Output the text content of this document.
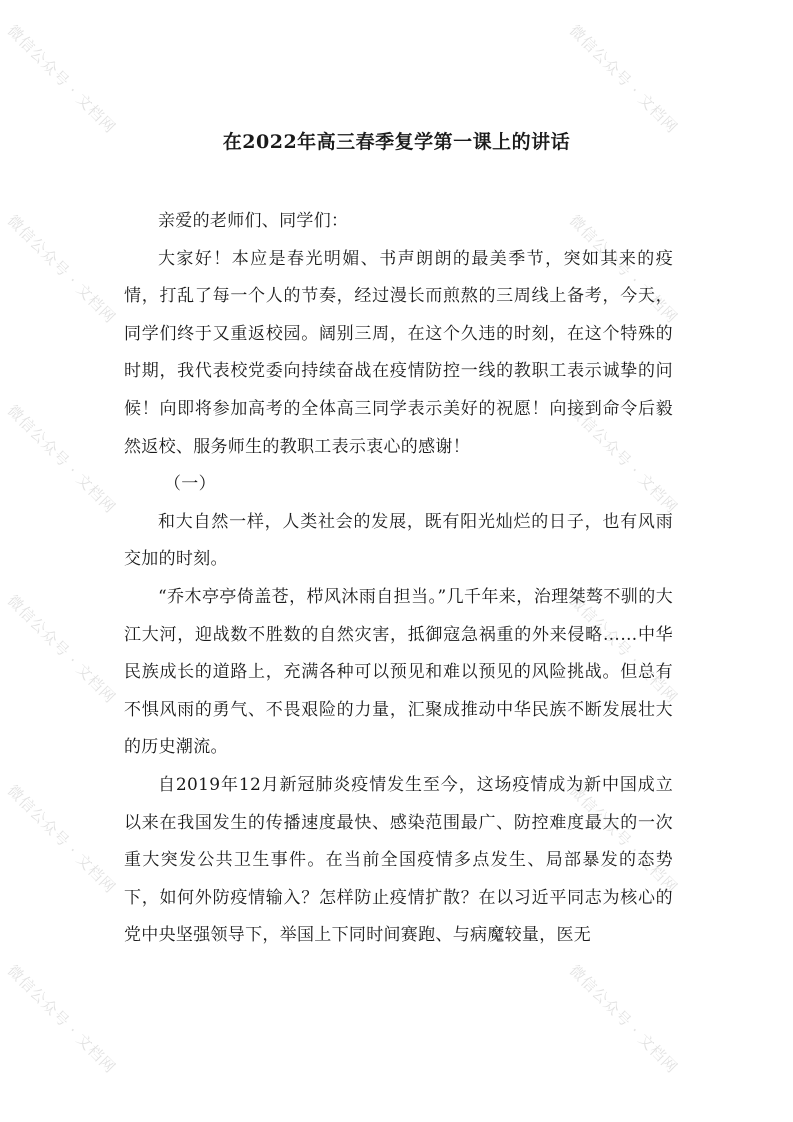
在2022年高三春季复学第一课上的讲话

亲爱的老师们、同学们：

大家好！本应是春光明媚、书声朗朗的最美季节，突如其来的疫情，打乱了每一个人的节奏，经过漫长而煎熬的三周线上备考，今天，同学们终于又重返校园。阔别三周，在这个久违的时刻，在这个特殊的时期，我代表校党委向持续奋战在疫情防控一线的教职工表示诚挚的问候！向即将参加高考的全体高三同学表示美好的祝愿！向接到命令后毅然返校、服务师生的教职工表示衷心的感谢！

（一）

和大自然一样，人类社会的发展，既有阳光灿烂的日子，也有风雨交加的时刻。

“乔木亭亭倚盖苍，栉风沐雨自担当。”几千年来，治理桀骜不驯的大江大河，迎战数不胜数的自然灾害，抵御寇急祸重的外来侵略……中华民族成长的道路上，充满各种可以预见和难以预见的风险挑战。但总有不惧风雨的勇气、不畏艰险的力量，汇聚成推动中华民族不断发展壮大的历史潮流。

自2019年12月新冠肺炎疫情发生至今，这场疫情成为新中国成立以来在我国发生的传播速度最快、感染范围最广、防控难度最大的一次重大突发公共卫生事件。在当前全国疫情多点发生、局部暴发的态势下，如何外防疫情输入？怎样防止疫情扩散？在以习近平同志为核心的党中央坚强领导下，举国上下同时间赛跑、与病魔较量，医无

微信公众号 · 文档网	微信公众号 · 文档网
微信公众号 · 文档网	微信公众号 · 文档网
微信公众号 · 文档网	微信公众号 · 文档网
微信公众号 · 文档网	微信公众号 · 文档网
微信公众号 · 文档网	微信公众号 · 文档网
微信公众号 · 文档网	微信公众号 · 文档网
